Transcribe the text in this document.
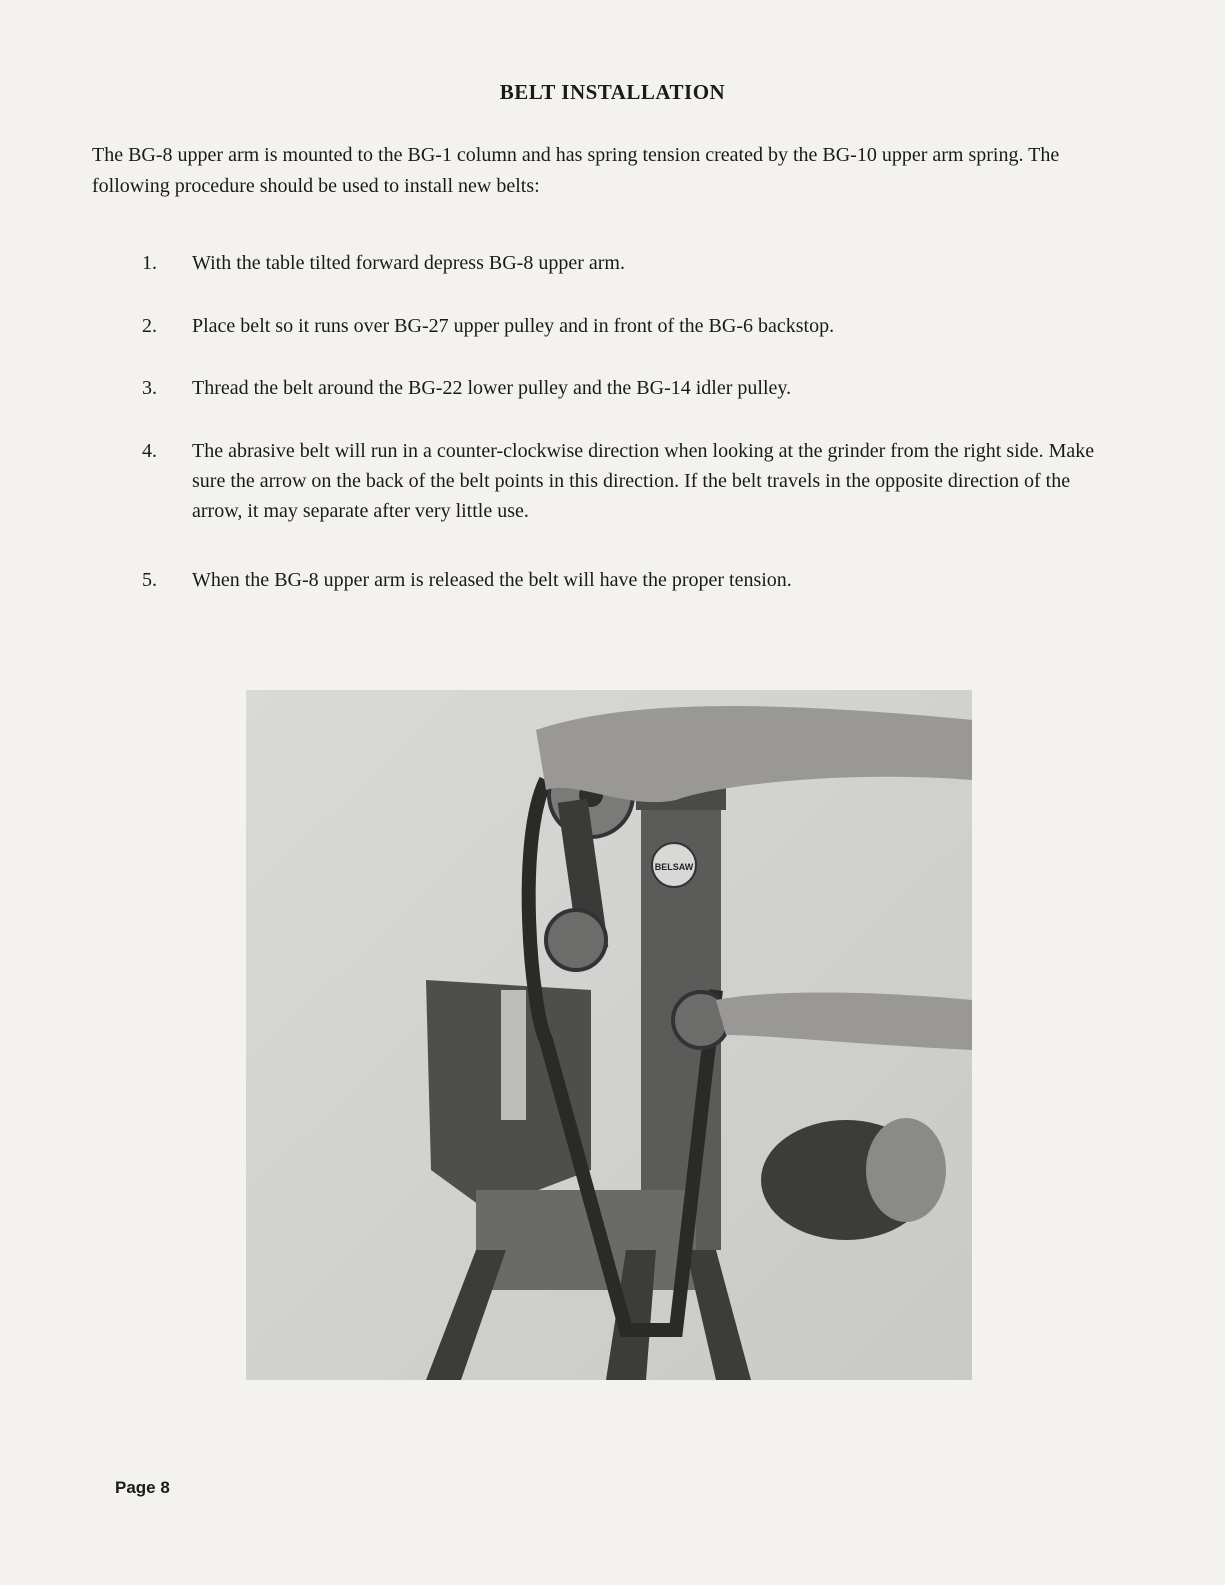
BELT INSTALLATION
The BG-8 upper arm is mounted to the BG-1 column and has spring tension created by the BG-10 upper arm spring. The following procedure should be used to install new belts:
1.	With the table tilted forward depress BG-8 upper arm.
2.	Place belt so it runs over BG-27 upper pulley and in front of the BG-6 backstop.
3.	Thread the belt around the BG-22 lower pulley and the BG-14 idler pulley.
4.	The abrasive belt will run in a counter-clockwise direction when looking at the grinder from the right side. Make sure the arrow on the back of the belt points in this direction. If the belt travels in the opposite direction of the arrow, it may separate after very little use.
5.	When the BG-8 upper arm is released the belt will have the proper tension.
BELSAW
Page 8
